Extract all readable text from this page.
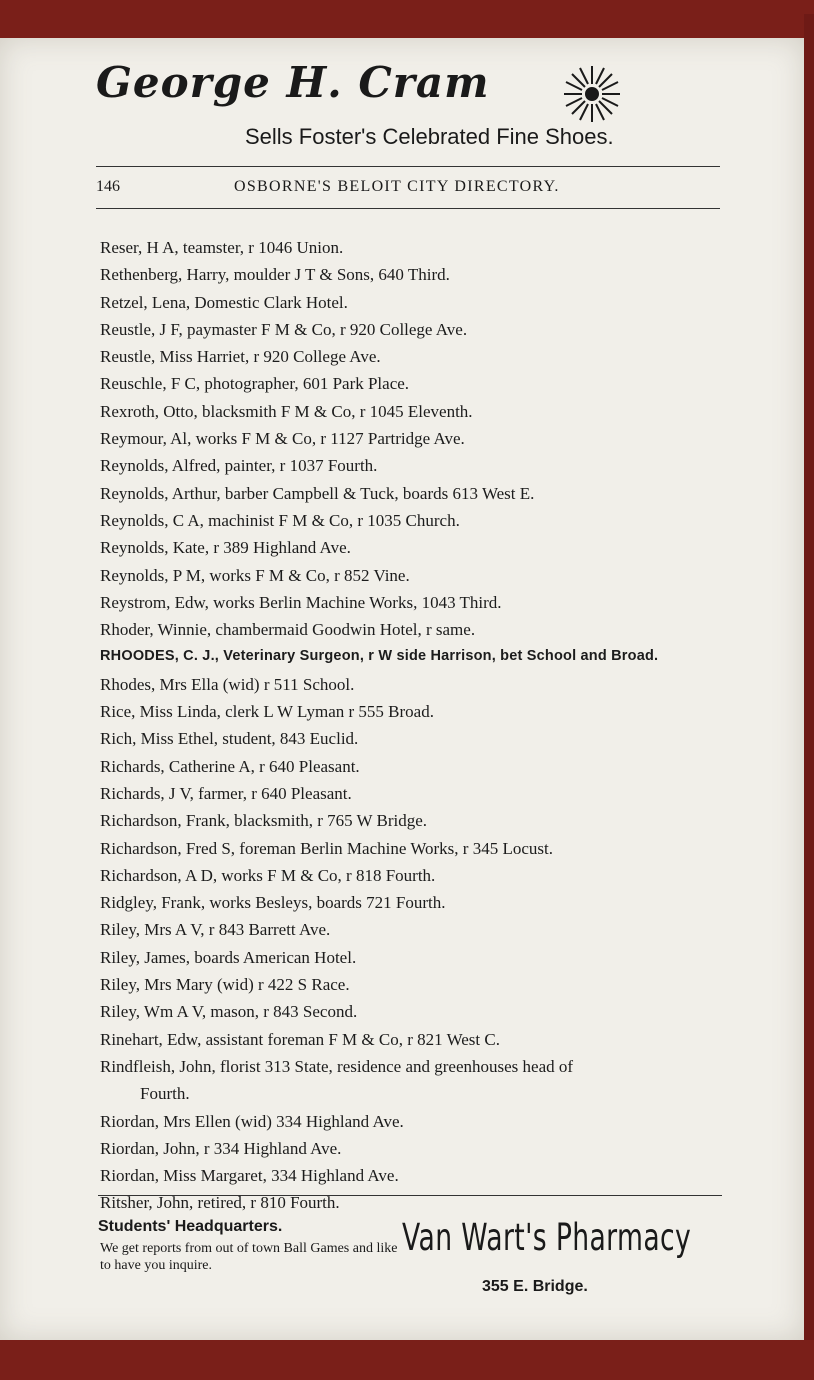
George H. Cram
Sells Foster's Celebrated Fine Shoes.
146	OSBORNE'S BELOIT CITY DIRECTORY.
Reser, H A, teamster, r 1046 Union.
Rethenberg, Harry, moulder J T & Sons, 640 Third.
Retzel, Lena, Domestic Clark Hotel.
Reustle, J F, paymaster F M & Co, r 920 College Ave.
Reustle, Miss Harriet, r 920 College Ave.
Reuschle, F C, photographer, 601 Park Place.
Rexroth, Otto, blacksmith F M & Co, r 1045 Eleventh.
Reymour, Al, works F M & Co, r 1127 Partridge Ave.
Reynolds, Alfred, painter, r 1037 Fourth.
Reynolds, Arthur, barber Campbell & Tuck, boards 613 West E.
Reynolds, C A, machinist F M & Co, r 1035 Church.
Reynolds, Kate, r 389 Highland Ave.
Reynolds, P M, works F M & Co, r 852 Vine.
Reystrom, Edw, works Berlin Machine Works, 1043 Third.
Rhoder, Winnie, chambermaid Goodwin Hotel, r same.
RHOODES, C. J., Veterinary Surgeon, r W side Harrison, bet School and Broad.
Rhodes, Mrs Ella (wid) r 511 School.
Rice, Miss Linda, clerk L W Lyman r 555 Broad.
Rich, Miss Ethel, student, 843 Euclid.
Richards, Catherine A, r 640 Pleasant.
Richards, J V, farmer, r 640 Pleasant.
Richardson, Frank, blacksmith, r 765 W Bridge.
Richardson, Fred S, foreman Berlin Machine Works, r 345 Locust.
Richardson, A D, works F M & Co, r 818 Fourth.
Ridgley, Frank, works Besleys, boards 721 Fourth.
Riley, Mrs A V, r 843 Barrett Ave.
Riley, James, boards American Hotel.
Riley, Mrs Mary (wid) r 422 S Race.
Riley, Wm A V, mason, r 843 Second.
Rinehart, Edw, assistant foreman F M & Co, r 821 West C.
Rindfleish, John, florist 313 State, residence and greenhouses head of
Fourth.
Riordan, Mrs Ellen (wid) 334 Highland Ave.
Riordan, John, r 334 Highland Ave.
Riordan, Miss Margaret, 334 Highland Ave.
Ritsher, John, retired, r 810 Fourth.
Students' Headquarters.
We get reports from out of town Ball Games and like to have you inquire.
Van Wart's Pharmacy
355 E. Bridge.
